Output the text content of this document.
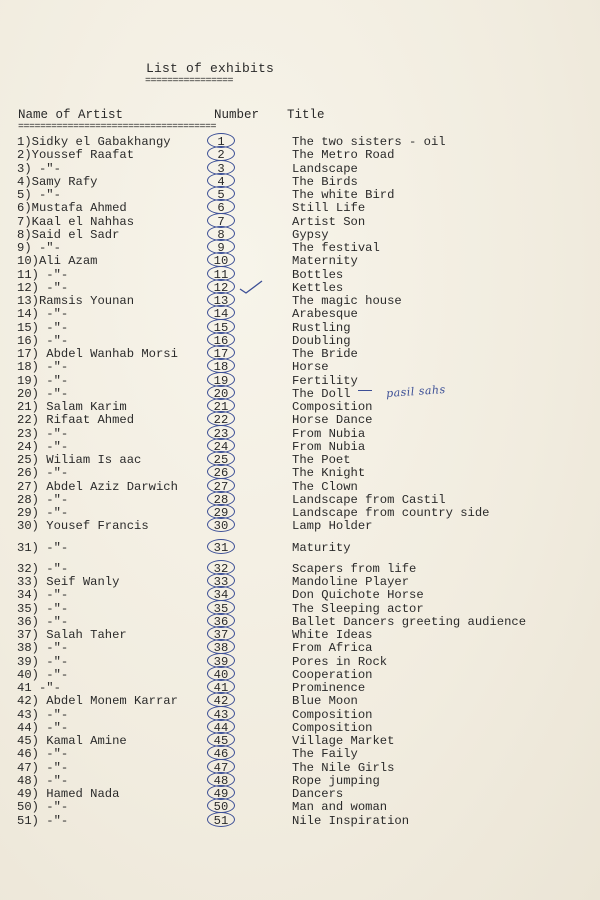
List of exhibits
================
Name of Artist	Number Title
====================================
1)Sidky el Gabakhangy	1	The two sisters - oil
2)Youssef Raafat	2	The Metro Road
3) -"-	3	Landscape
4)Samy Rafy	4	The Birds
5) -"-	5	The white Bird
6)Mustafa Ahmed	6	Still Life
7)Kaal el Nahhas	7	Artist Son
8)Said el Sadr	8	Gypsy
9) -"-	9	The festival
10)Ali Azam	10	Maternity
11) -"-	11	Bottles
12) -"-	12	Kettles
13)Ramsis Younan	13	The magic house
14) -"-	14	Arabesque
15) -"-	15	Rustling
16) -"-	16	Doubling
17) Abdel Wanhab Morsi	17	The Bride
18) -"-	18	Horse
19) -"-	19	Fertility
20) -"-	20	The Doll
21) Salam Karim	21	Composition
22) Rifaat Ahmed	22	Horse Dance
23) -"-	23	From Nubia
24) -"-	24	From Nubia
25) Wiliam Is aac	25	The Poet
26) -"-	26	The Knight
27) Abdel Aziz Darwich	27	The Clown
28) -"-	28	Landscape from Castil
29) -"-	29	Landscape from country side
30) Yousef Francis	30	Lamp Holder
31) -"-	31	Maturity
32) -"-	32	Scapers from life
33) Seif Wanly	33	Mandoline Player
34) -"-	34	Don Quichote Horse
35) -"-	35	The Sleeping actor
36) -"-	36	Ballet Dancers greeting audience
37) Salah Taher	37	White Ideas
38) -"-	38	From Africa
39) -"-	39	Pores in Rock
40) -"-	40	Cooperation
41 -"-	41	Prominence
42) Abdel Monem Karrar	42	Blue Moon
43) -"-	43	Composition
44) -"-	44	Composition
45) Kamal Amine	45	Village Market
46) -"-	46	The Faily
47) -"-	47	The Nile Girls
48) -"-	48	Rope jumping
49) Hamed Nada	49	Dancers
50) -"-	50	Man and woman
51) -"-	51	Nile Inspiration
pasil sahs
